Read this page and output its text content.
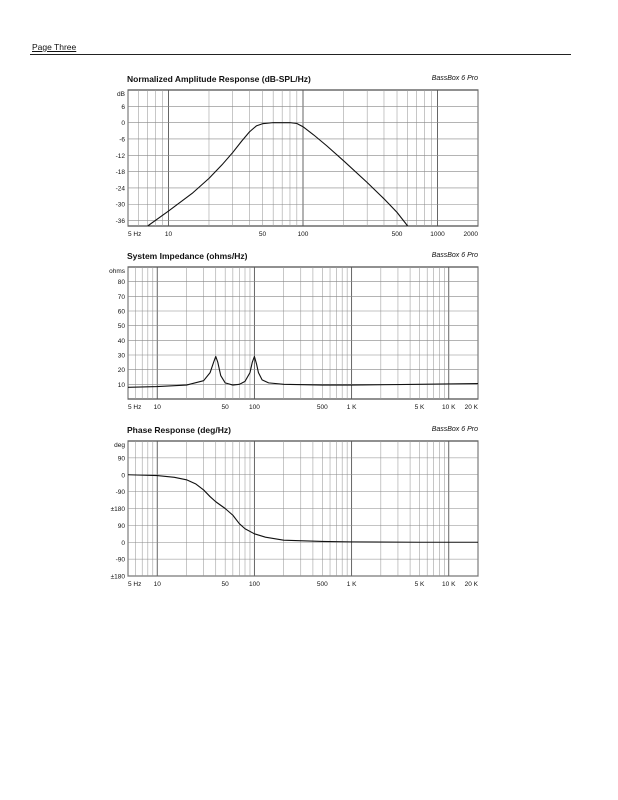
Page Three
Normalized Amplitude Response (dB-SPL/Hz)	BassBox 6 Pro
6
0
-6
-12
-18
-24
-30
-36
dB
5 Hz	10	50	100	500	1000	2000
System Impedance (ohms/Hz)	BassBox 6 Pro
80
70
60
50
40
30
20
10
ohms
5 Hz 10	50	100	500	1 K	5 K	10 K 20 K
Phase Response (deg/Hz)	BassBox 6 Pro
90
0
-90
±180
90
0
-90
±180
deg
5 Hz 10	50	100	500	1 K	5 K	10 K 20 K
